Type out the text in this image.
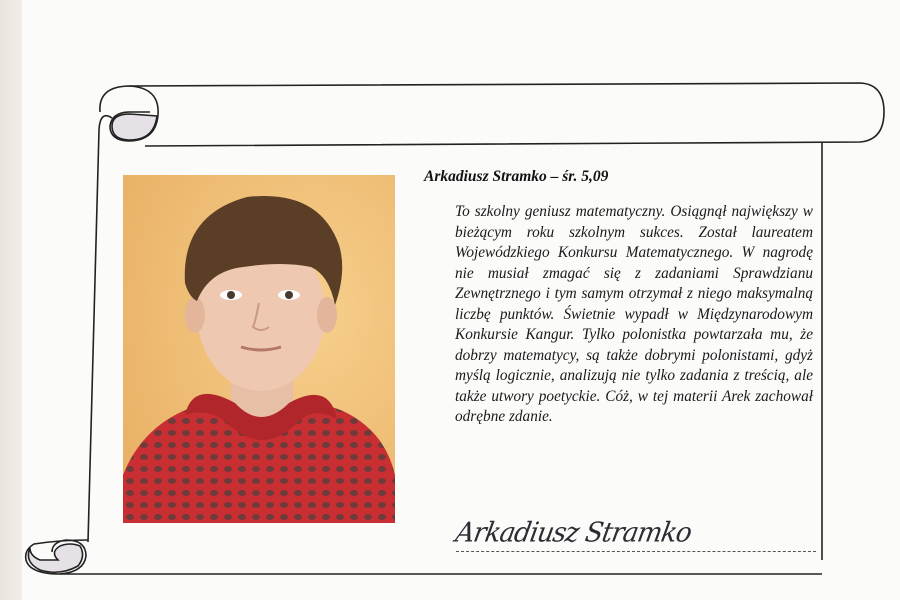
Arkadiusz Stramko – śr. 5,09

To szkolny geniusz matematyczny. Osiągnął największy w bieżącym roku szkolnym sukces. Został laureatem Wojewódzkiego Konkursu Matematycznego. W nagrodę nie musiał zmagać się z zadaniami Sprawdzianu Zewnętrznego i tym samym otrzymał z niego maksymalną liczbę punktów. Świetnie wypadł w Międzynarodowym Konkursie Kangur. Tylko polonistka powtarzała mu, że dobrzy matematycy, są także dobrymi polonistami, gdyż myślą logicznie, analizują nie tylko zadania z treścią, ale także utwory poetyckie. Cóż, w tej materii Arek zachował odrębne zdanie.

Arkadiusz Stramko
